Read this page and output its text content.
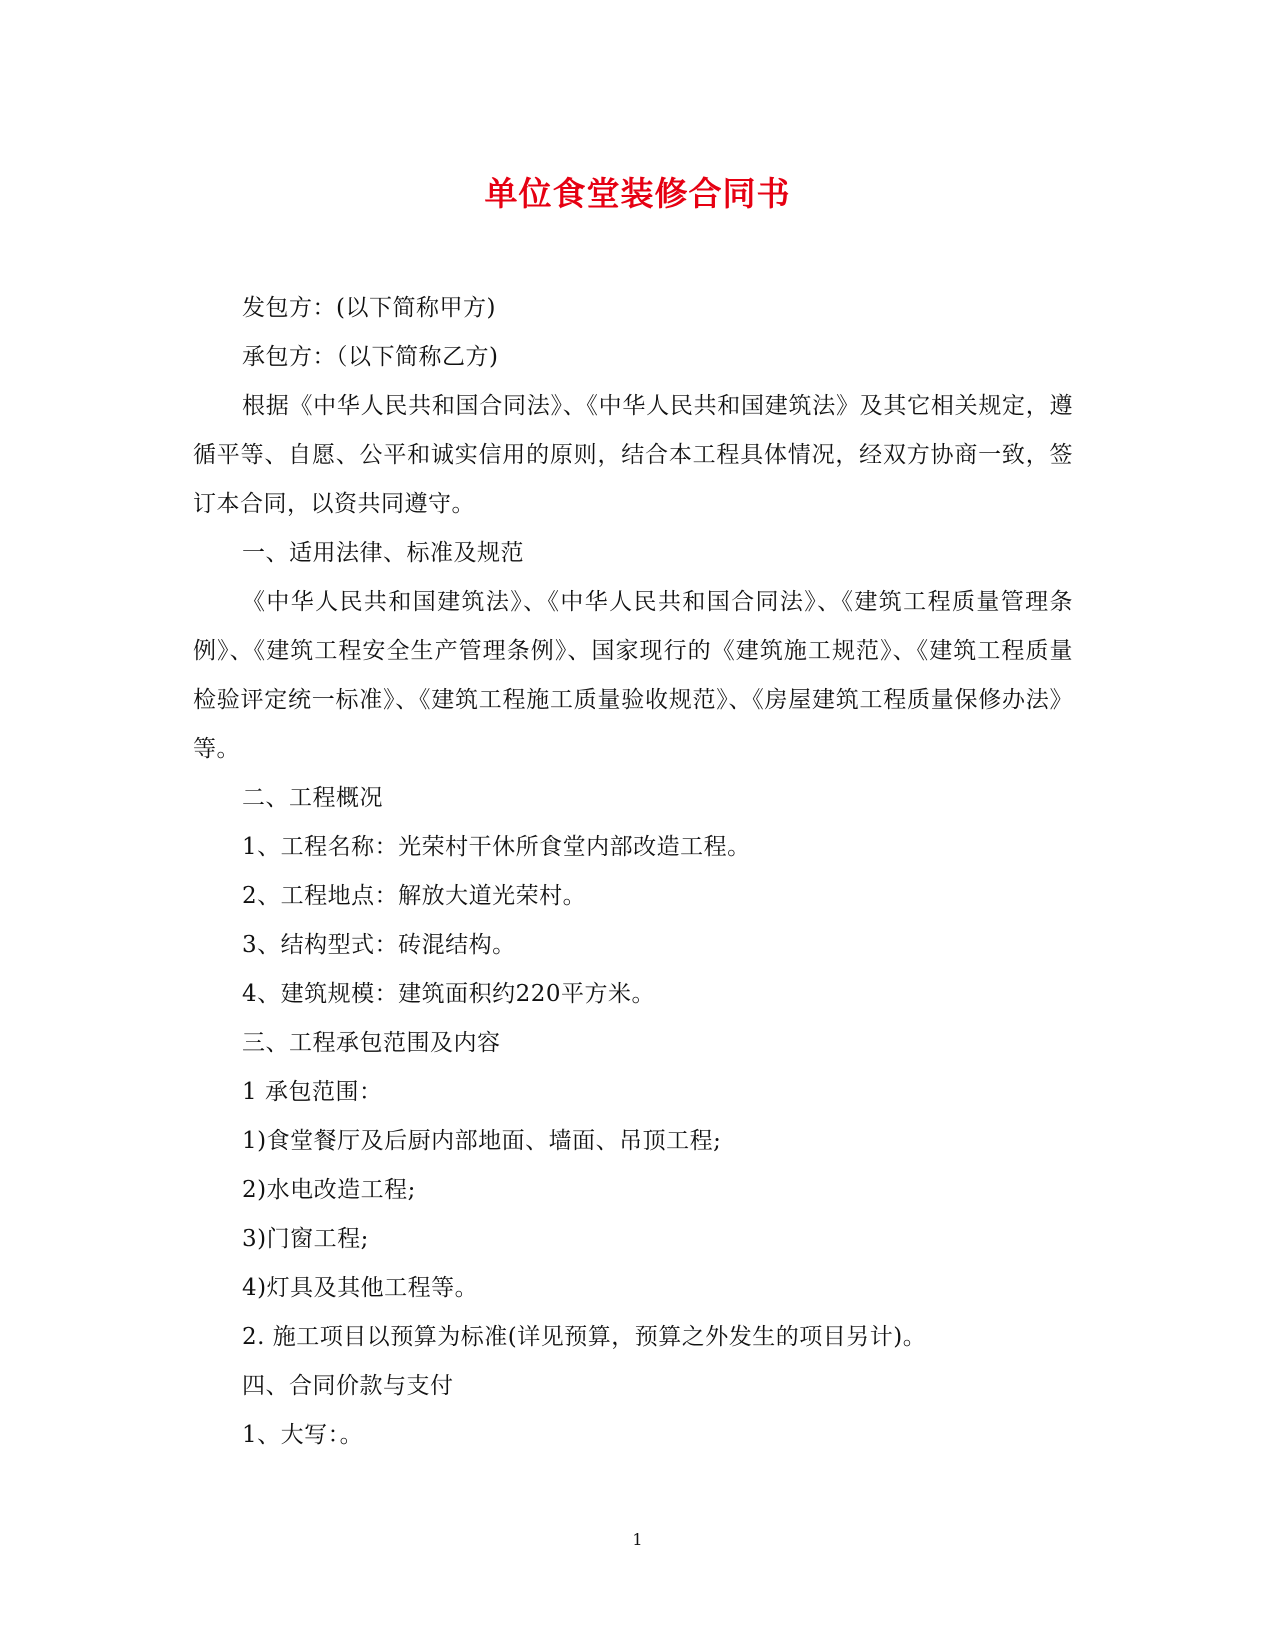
单位食堂装修合同书

发包方：(以下简称甲方)

承包方：（以下简称乙方)

根据《中华人民共和国合同法》、《中华人民共和国建筑法》及其它相关规定，遵循平等、自愿、公平和诚实信用的原则，结合本工程具体情况，经双方协商一致，签订本合同，以资共同遵守。

一、适用法律、标准及规范

《中华人民共和国建筑法》、《中华人民共和国合同法》、《建筑工程质量管理条例》、《建筑工程安全生产管理条例》、国家现行的《建筑施工规范》、《建筑工程质量检验评定统一标准》、《建筑工程施工质量验收规范》、《房屋建筑工程质量保修办法》等。

二、工程概况

1、工程名称：光荣村干休所食堂内部改造工程。

2、工程地点：解放大道光荣村。

3、结构型式：砖混结构。

4、建筑规模：建筑面积约220平方米。

三、工程承包范围及内容

1 承包范围：

1)食堂餐厅及后厨内部地面、墙面、吊顶工程;

2)水电改造工程;

3)门窗工程;

4)灯具及其他工程等。

2. 施工项目以预算为标准(详见预算，预算之外发生的项目另计)。

四、合同价款与支付

1、大写：。

1
